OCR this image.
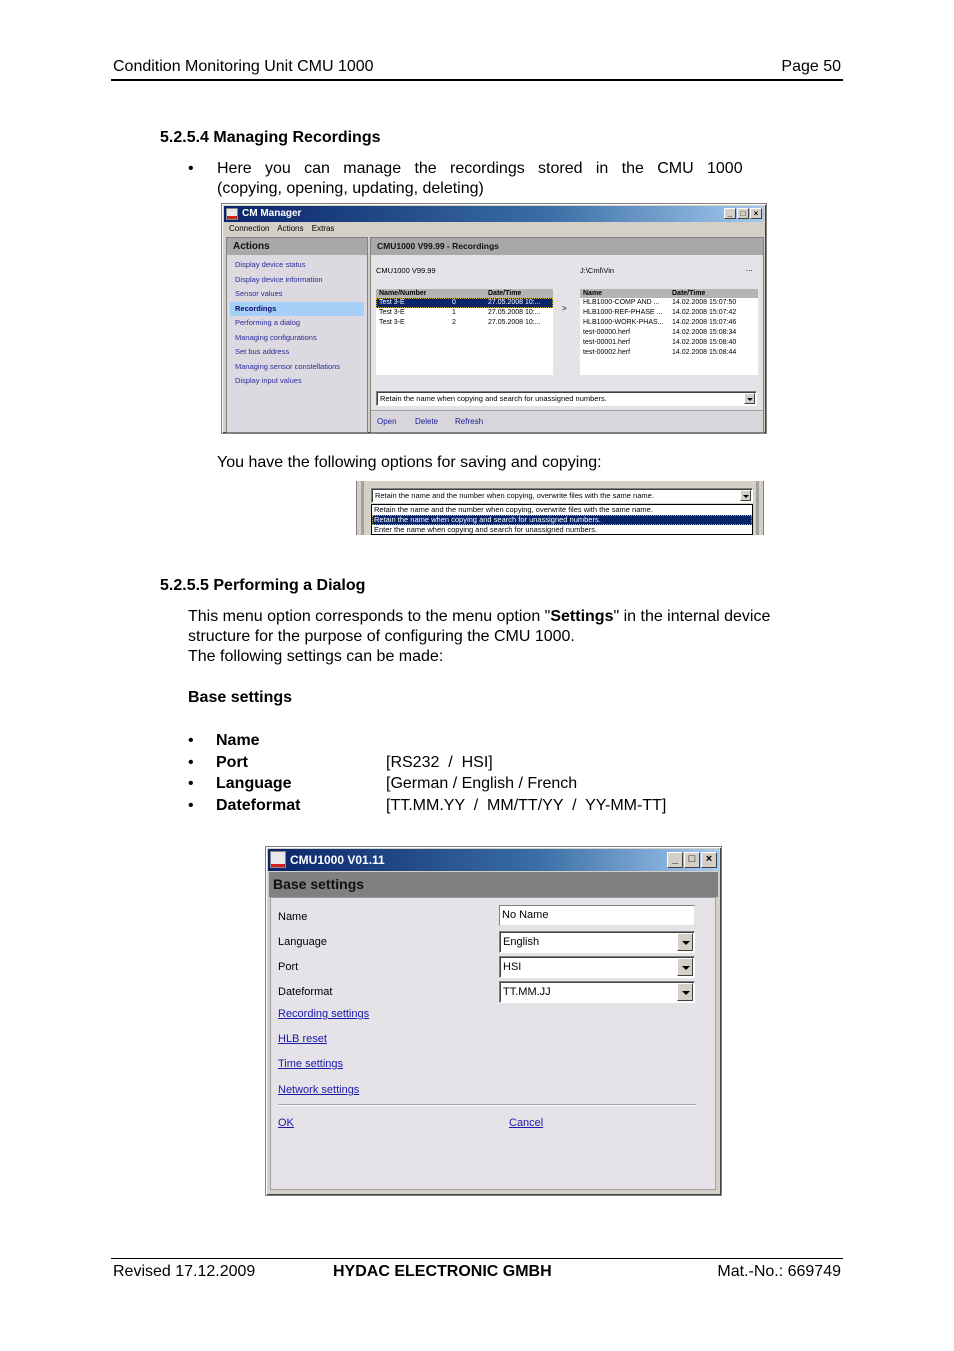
Condition Monitoring Unit CMU 1000	Page 50
5.2.5.4 Managing Recordings
• Here   you   can   manage   the   recordings   stored   in   the   CMU   1000
(copying, opening, updating, deleting)
CM Manager	_	□	×
Connection Actions Extras
Actions
Display device status
Display device information
Sensor values
Recordings
Performing a dialog
Managing configurations
Set bus address
Managing sensor constellations
Display input values
CMU1000 V99.99 - Recordings
CMU1000 V99.99	J:\Cml\Vin	...
Name/Number	Date/Time
Test 3-E	0	27.05.2008 10:...
Test 3-E	1	27.05.2008 10:...
Test 3-E	2	27.05.2008 10:...
>
Name	Date/Time
HLB1000-COMP AND ...	14.02.2008 15:07:50
HLB1000-REF-PHASE ...	14.02.2008 15:07:42
HLB1000-WORK-PHAS...	14.02.2008 15:07:46
test-00000.herf	14.02.2008 15:08:34
test-00001.herf	14.02.2008 15:08:40
test-00002.herf	14.02.2008 15:08:44
Retain the name when copying and search for unassigned numbers.
Open Delete Refresh
You have the following options for saving and copying:
Retain the name and the number when copying, overwrite files with the same name.
Retain the name and the number when copying, overwrite files with the same name.
Retain the name when copying and search for unassigned numbers.
Enter the name when copying and search for unassigned numbers.
5.2.5.5 Performing a Dialog
This menu option corresponds to the menu option "Settings" in the internal device
structure for the purpose of configuring the CMU 1000.
The following settings can be made:
Base settings
• Name
• Port	[RS232  /  HSI]
• Language	[German / English / French
• Dateformat	[TT.MM.YY  /  MM/TT/YY  /  YY-MM-TT]
CMU1000 V01.11	_ □ ×
Base settings
Name	No Name
Language	English
Port	HSI
Dateformat	TT.MM.JJ
Recording settings
HLB reset
Time settings
Network settings
OK	Cancel
Revised 17.12.2009	HYDAC ELECTRONIC GMBH	Mat.-No.: 669749
